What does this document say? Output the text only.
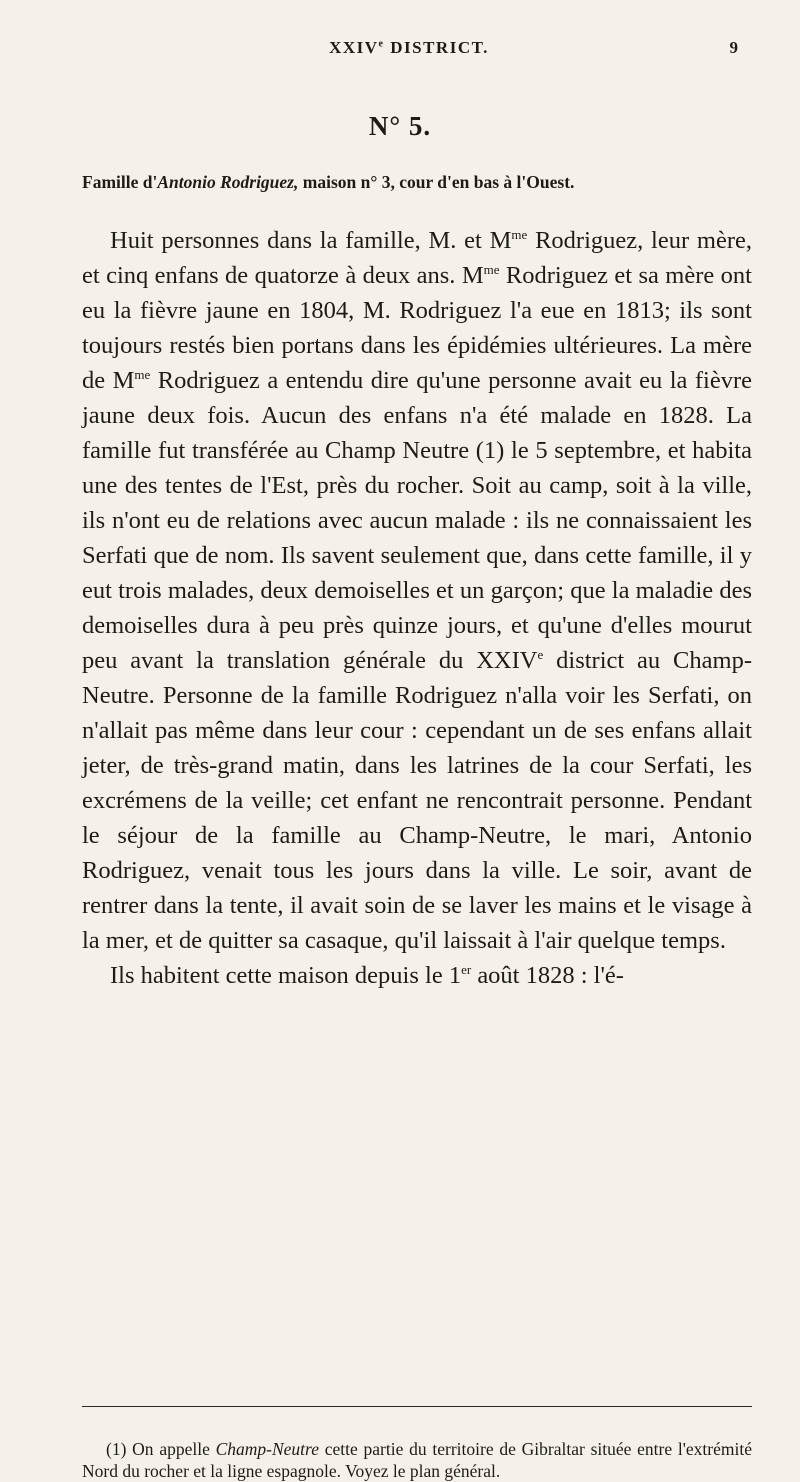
XXIVe DISTRICT.	9
N° 5.
Famille d'Antonio Rodriguez, maison n° 3, cour d'en bas à l'Ouest.

Huit personnes dans la famille, M. et $M^{me}$ Rodriguez, leur mère, et cinq enfans de quatorze à deux ans. $M^{me}$ Rodriguez et sa mère ont eu la fièvre jaune en 1804, M. Rodriguez l'a eue en 1813; ils sont toujours restés bien portans dans les épidémies ultérieures. La mère de $M^{me}$ Rodriguez a entendu dire qu'une personne avait eu la fièvre jaune deux fois. Aucun des enfans n'a été malade en 1828. La famille fut transférée au Champ Neutre (1) le 5 septembre, et habita une des tentes de l'Est, près du rocher. Soit au camp, soit à la ville, ils n'ont eu de relations avec aucun malade : ils ne connaissaient les Serfati que de nom. Ils savent seulement que, dans cette famille, il y eut trois malades, deux demoiselles et un garçon; que la maladie des demoiselles dura à peu près quinze jours, et qu'une d'elles mourut peu avant la translation générale du XXIVe district au Champ-Neutre. Personne de la famille Rodriguez n'alla voir les Serfati, on n'allait pas même dans leur cour : cependant un de ses enfans allait jeter, de très-grand matin, dans les latrines de la cour Serfati, les excrémens de la veille; cet enfant ne rencontrait personne. Pendant le séjour de la famille au Champ-Neutre, le mari, Antonio Rodriguez, venait tous les jours dans la ville. Le soir, avant de rentrer dans la tente, il avait soin de se laver les mains et le visage à la mer, et de quitter sa casaque, qu'il laissait à l'air quelque temps.

Ils habitent cette maison depuis le 1er août 1828 : l'é-

(1) On appelle Champ-Neutre cette partie du territoire de Gibraltar située entre l'extrémité Nord du rocher et la ligne espagnole. Voyez le plan général.
